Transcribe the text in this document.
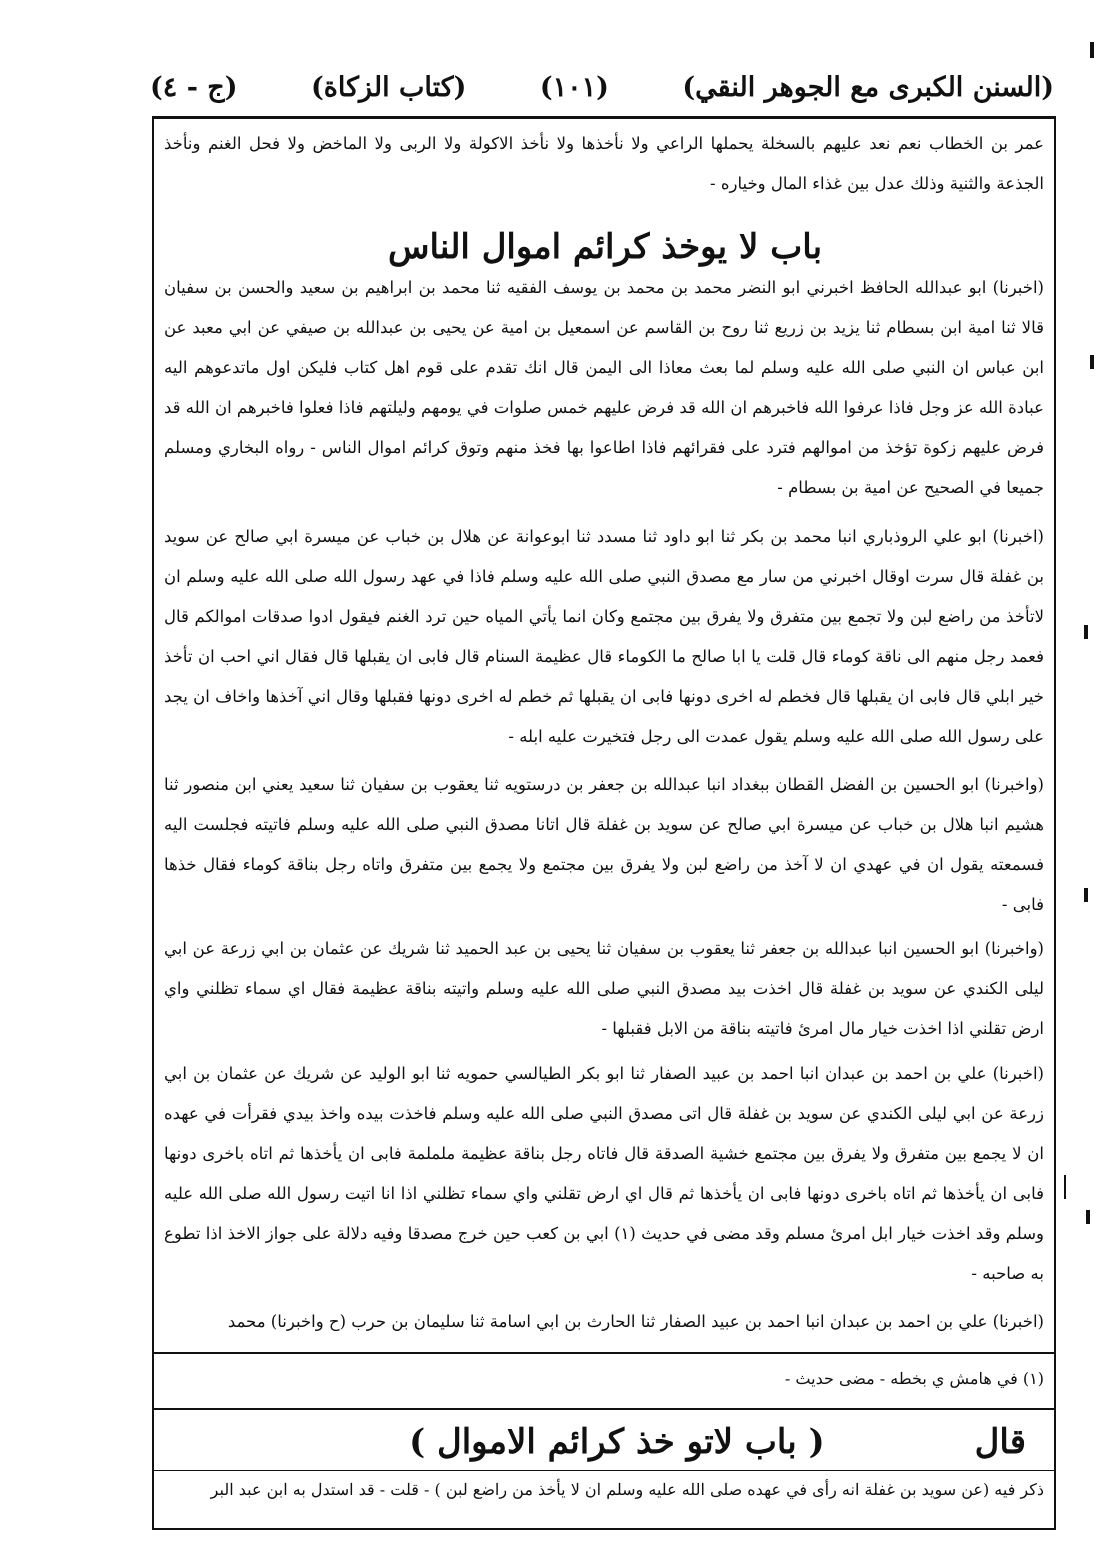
(السنن الكبرى مع الجوهر النقي)
(١٠١)
(كتاب الزكاة)
(ج - ٤)

عمر بن الخطاب نعم نعد عليهم بالسخلة يحملها الراعي ولا نأخذها ولا نأخذ الاكولة ولا الربى ولا الماخض ولا فحل الغنم ونأخذ الجذعة والثنية وذلك عدل بين غذاء المال وخياره -

باب لا يوخذ كرائم اموال الناس

(اخبرنا) ابو عبدالله الحافظ اخبرني ابو النضر محمد بن محمد بن يوسف الفقيه ثنا محمد بن ابراهيم بن سعيد والحسن بن سفيان قالا ثنا امية ابن بسطام ثنا يزيد بن زريع ثنا روح بن القاسم عن اسمعيل بن امية عن يحيى بن عبدالله بن صيفي عن ابي معبد عن ابن عباس ان النبي صلى الله عليه وسلم لما بعث معاذا الى اليمن قال انك تقدم على قوم اهل كتاب فليكن اول ماتدعوهم اليه عبادة الله عز وجل فاذا عرفوا الله فاخبرهم ان الله قد فرض عليهم خمس صلوات في يومهم وليلتهم فاذا فعلوا فاخبرهم ان الله قد فرض عليهم زكوة تؤخذ من اموالهم فترد على فقرائهم فاذا اطاعوا بها فخذ منهم وتوق كرائم اموال الناس - رواه البخاري ومسلم جميعا في الصحيح عن امية بن بسطام -

(اخبرنا) ابو علي الروذباري انبا محمد بن بكر ثنا ابو داود ثنا مسدد ثنا ابوعوانة عن هلال بن خباب عن ميسرة ابي صالح عن سويد بن غفلة قال سرت اوقال اخبرني من سار مع مصدق النبي صلى الله عليه وسلم فاذا في عهد رسول الله صلى الله عليه وسلم ان لاتأخذ من راضع لبن ولا تجمع بين متفرق ولا يفرق بين مجتمع وكان انما يأتي المياه حين ترد الغنم فيقول ادوا صدقات اموالكم قال فعمد رجل منهم الى ناقة كوماء قال قلت يا ابا صالح ما الكوماء قال عظيمة السنام قال فابى ان يقبلها قال فقال اني احب ان تأخذ خير ابلي قال فابى ان يقبلها قال فخطم له اخرى دونها فابى ان يقبلها ثم خطم له اخرى دونها فقبلها وقال اني آخذها واخاف ان يجد على رسول الله صلى الله عليه وسلم يقول عمدت الى رجل فتخيرت عليه ابله -

(واخبرنا) ابو الحسين بن الفضل القطان ببغداد انبا عبدالله بن جعفر بن درستويه ثنا يعقوب بن سفيان ثنا سعيد يعني ابن منصور ثنا هشيم انبا هلال بن خباب عن ميسرة ابي صالح عن سويد بن غفلة قال اتانا مصدق النبي صلى الله عليه وسلم فاتيته فجلست اليه فسمعته يقول ان في عهدي ان لا آخذ من راضع لبن ولا يفرق بين مجتمع ولا يجمع بين متفرق واتاه رجل بناقة كوماء فقال خذها فابى -

(واخبرنا) ابو الحسين انبا عبدالله بن جعفر ثنا يعقوب بن سفيان ثنا يحيى بن عبد الحميد ثنا شريك عن عثمان بن ابي زرعة عن ابي ليلى الكندي عن سويد بن غفلة قال اخذت بيد مصدق النبي صلى الله عليه وسلم واتيته بناقة عظيمة فقال اي سماء تظلني واي ارض تقلني اذا اخذت خيار مال امرئ فاتيته بناقة من الابل فقبلها -

(اخبرنا) علي بن احمد بن عبدان انبا احمد بن عبيد الصفار ثنا ابو بكر الطيالسي حمويه ثنا ابو الوليد عن شريك عن عثمان بن ابي زرعة عن ابي ليلى الكندي عن سويد بن غفلة قال اتى مصدق النبي صلى الله عليه وسلم فاخذت بيده واخذ بيدي فقرأت في عهده ان لا يجمع بين متفرق ولا يفرق بين مجتمع خشية الصدقة قال فاتاه رجل بناقة عظيمة ململمة فابى ان يأخذها ثم اتاه باخرى دونها فابى ان يأخذها ثم اتاه باخرى دونها فابى ان يأخذها ثم قال اي ارض تقلني واي سماء تظلني اذا انا اتيت رسول الله صلى الله عليه وسلم وقد اخذت خيار ابل امرئ مسلم وقد مضى في حديث (١) ابي بن كعب حين خرج مصدقا وفيه دلالة على جواز الاخذ اذا تطوع به صاحبه -

(اخبرنا) علي بن احمد بن عبدان انبا احمد بن عبيد الصفار ثنا الحارث بن ابي اسامة ثنا سليمان بن حرب (ح واخبرنا) محمد

(١) في هامش ي بخطه - مضى حديث -
قال
( باب لاتو خذ كرائم الاموال )
ذكر فيه (عن سويد بن غفلة انه رأى في عهده صلى الله عليه وسلم ان لا يأخذ من راضع لبن ) - قلت - قد استدل به ابن عبد البر
